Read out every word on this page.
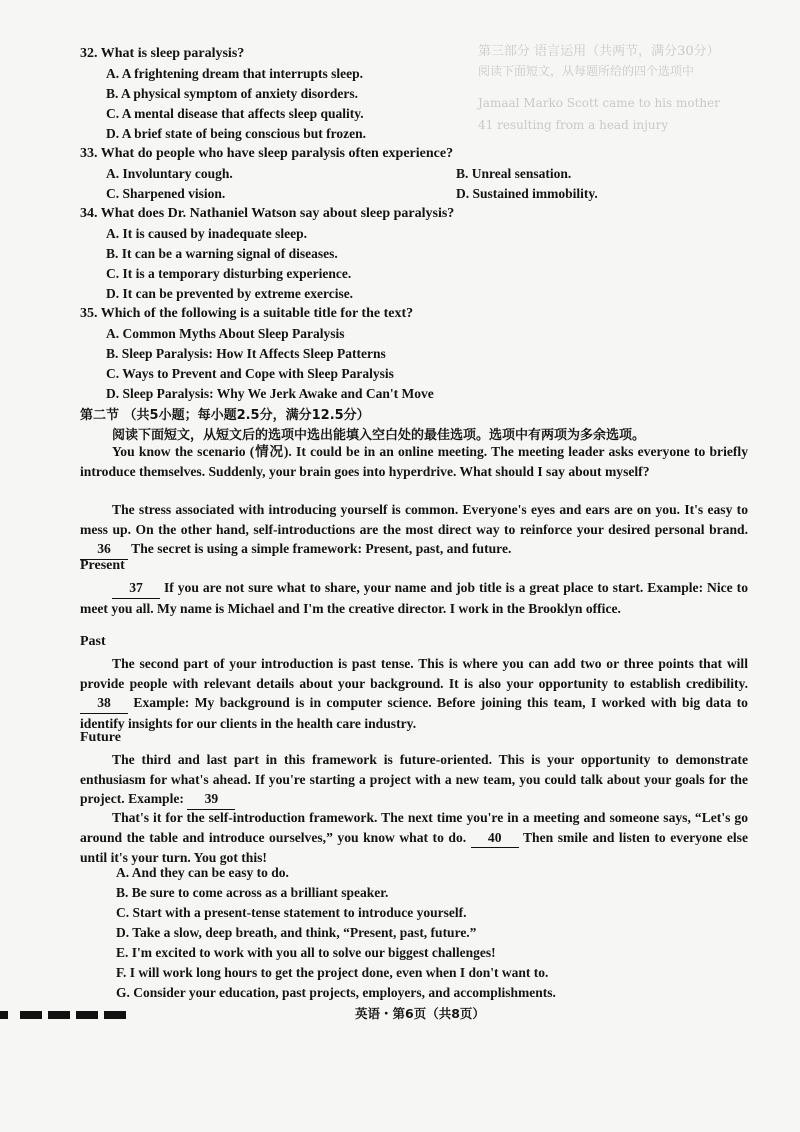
第三部分 语言运用（共两节，满分30分）
阅读下面短文，从每题所给的四个选项中
Jamaal Marko Scott came to his mother
41 resulting from a head injury
32. What is sleep paralysis?
A. A frightening dream that interrupts sleep.
B. A physical symptom of anxiety disorders.
C. A mental disease that affects sleep quality.
D. A brief state of being conscious but frozen.
33. What do people who have sleep paralysis often experience?
A. Involuntary cough.	B. Unreal sensation.
C. Sharpened vision.	D. Sustained immobility.
34. What does Dr. Nathaniel Watson say about sleep paralysis?
A. It is caused by inadequate sleep.
B. It can be a warning signal of diseases.
C. It is a temporary disturbing experience.
D. It can be prevented by extreme exercise.
35. Which of the following is a suitable title for the text?
A. Common Myths About Sleep Paralysis
B. Sleep Paralysis: How It Affects Sleep Patterns
C. Ways to Prevent and Cope with Sleep Paralysis
D. Sleep Paralysis: Why We Jerk Awake and Can't Move
第二节 （共5小题；每小题2.5分，满分12.5分）
阅读下面短文，从短文后的选项中选出能填入空白处的最佳选项。选项中有两项为多余选项。
You know the scenario (情况). It could be in an online meeting. The meeting leader asks everyone to briefly introduce themselves. Suddenly, your brain goes into hyperdrive. What should I say about myself?
The stress associated with introducing yourself is common. Everyone's eyes and ears are on you. It's easy to mess up. On the other hand, self-introductions are the most direct way to reinforce your desired personal brand. 36 The secret is using a simple framework: Present, past, and future.
Present
37 If you are not sure what to share, your name and job title is a great place to start. Example: Nice to meet you all. My name is Michael and I'm the creative director. I work in the Brooklyn office.
Past
The second part of your introduction is past tense. This is where you can add two or three points that will provide people with relevant details about your background. It is also your opportunity to establish credibility. 38 Example: My background is in computer science. Before joining this team, I worked with big data to identify insights for our clients in the health care industry.
Future
The third and last part in this framework is future-oriented. This is your opportunity to demonstrate enthusiasm for what's ahead. If you're starting a project with a new team, you could talk about your goals for the project. Example: 39
That's it for the self-introduction framework. The next time you're in a meeting and someone says, “Let's go around the table and introduce ourselves,” you know what to do. 40 Then smile and listen to everyone else until it's your turn. You got this!
A. And they can be easy to do.
B. Be sure to come across as a brilliant speaker.
C. Start with a present-tense statement to introduce yourself.
D. Take a slow, deep breath, and think, “Present, past, future.”
E. I'm excited to work with you all to solve our biggest challenges!
F. I will work long hours to get the project done, even when I don't want to.
G. Consider your education, past projects, employers, and accomplishments.
英语・第6页（共8页）
